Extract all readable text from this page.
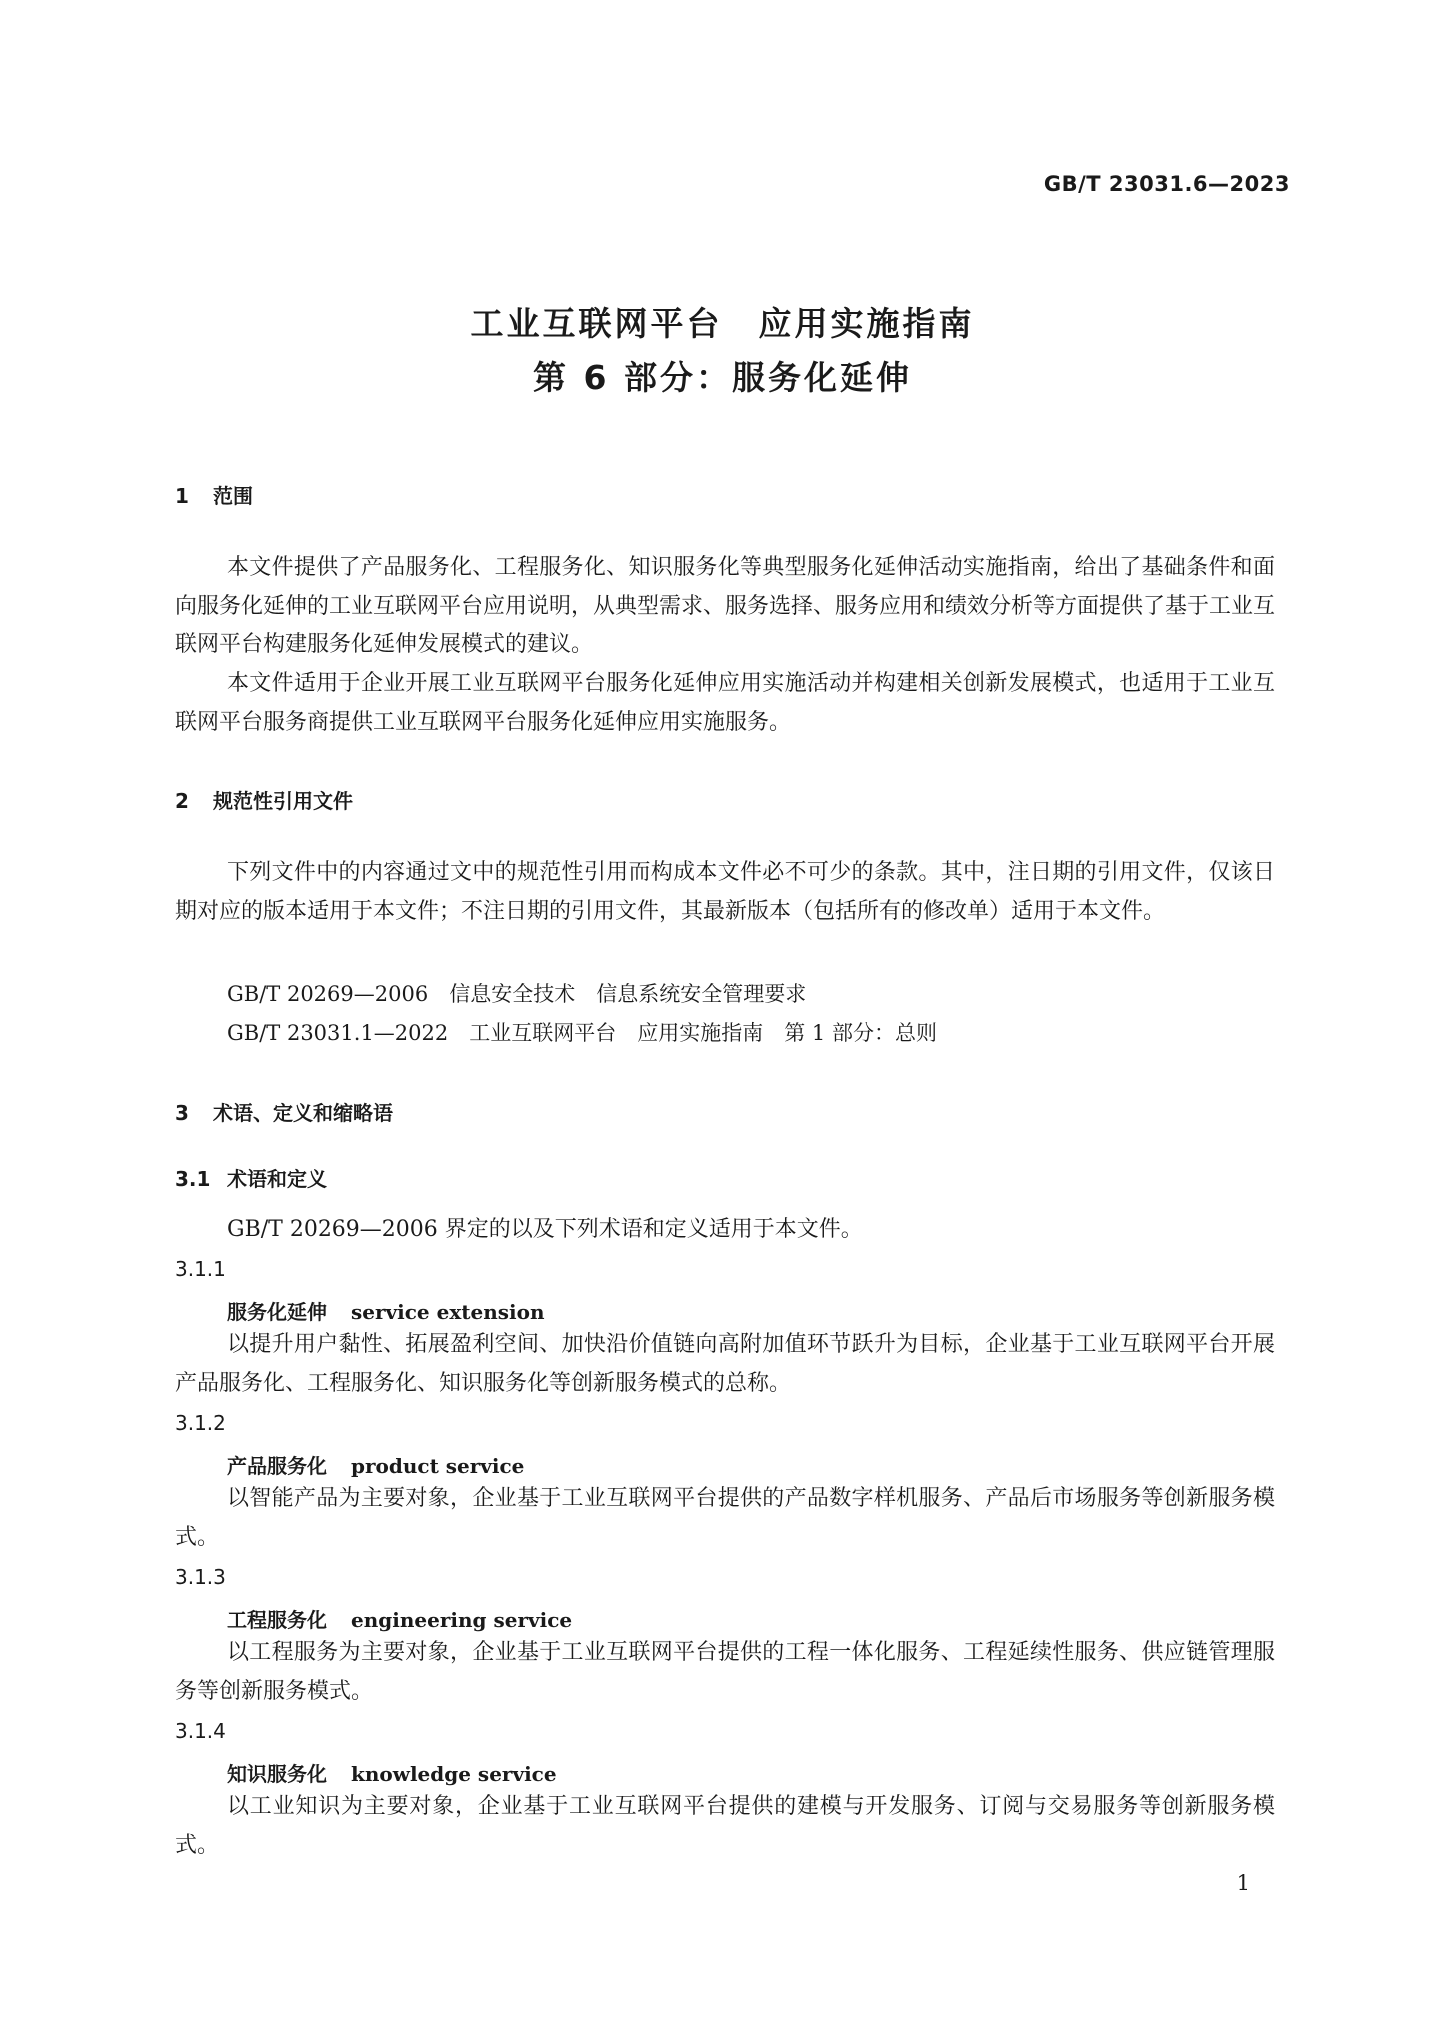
GB/T 23031.6—2023
工业互联网平台　应用实施指南
第 6 部分：服务化延伸
1 范围
本文件提供了产品服务化、工程服务化、知识服务化等典型服务化延伸活动实施指南，给出了基础条件和面向服务化延伸的工业互联网平台应用说明，从典型需求、服务选择、服务应用和绩效分析等方面提供了基于工业互联网平台构建服务化延伸发展模式的建议。
本文件适用于企业开展工业互联网平台服务化延伸应用实施活动并构建相关创新发展模式，也适用于工业互联网平台服务商提供工业互联网平台服务化延伸应用实施服务。
2 规范性引用文件
下列文件中的内容通过文中的规范性引用而构成本文件必不可少的条款。其中，注日期的引用文件，仅该日期对应的版本适用于本文件；不注日期的引用文件，其最新版本（包括所有的修改单）适用于本文件。
GB/T 20269—2006　信息安全技术　信息系统安全管理要求
GB/T 23031.1—2022　工业互联网平台　应用实施指南　第 1 部分：总则
3 术语、定义和缩略语
3.1 术语和定义
GB/T 20269—2006 界定的以及下列术语和定义适用于本文件。
3.1.1
服务化延伸 service extension
以提升用户黏性、拓展盈利空间、加快沿价值链向高附加值环节跃升为目标，企业基于工业互联网平台开展产品服务化、工程服务化、知识服务化等创新服务模式的总称。
3.1.2
产品服务化 product service
以智能产品为主要对象，企业基于工业互联网平台提供的产品数字样机服务、产品后市场服务等创新服务模式。
3.1.3
工程服务化 engineering service
以工程服务为主要对象，企业基于工业互联网平台提供的工程一体化服务、工程延续性服务、供应链管理服务等创新服务模式。
3.1.4
知识服务化 knowledge service
以工业知识为主要对象，企业基于工业互联网平台提供的建模与开发服务、订阅与交易服务等创新服务模式。
1
